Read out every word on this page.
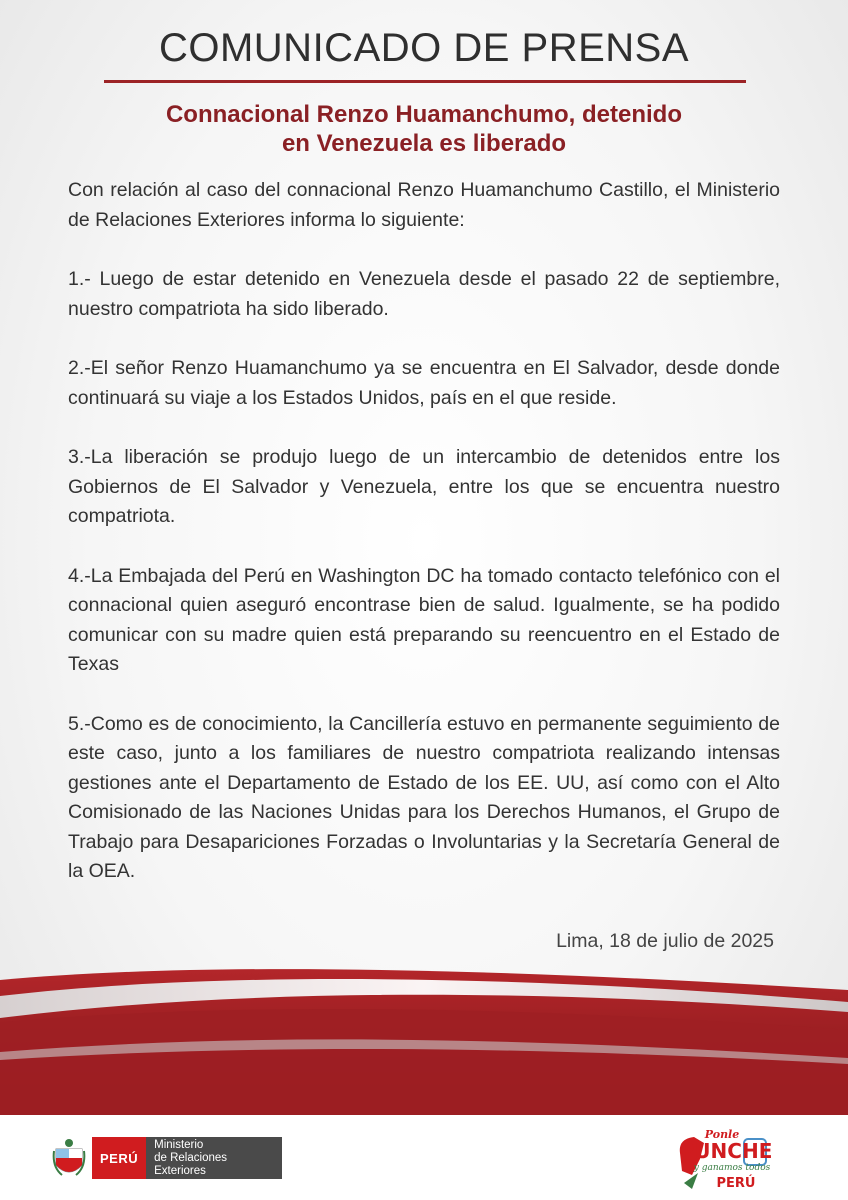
COMUNICADO DE PRENSA
Connacional Renzo Huamanchumo, detenido
en Venezuela es liberado

Con relación al caso del connacional Renzo Huamanchumo Castillo, el Ministerio de Relaciones Exteriores informa lo siguiente:

1.- Luego de estar detenido en Venezuela desde el pasado 22 de septiembre, nuestro compatriota ha sido liberado.

2.-El señor Renzo Huamanchumo ya se encuentra en El Salvador, desde donde continuará su viaje a los Estados Unidos, país en el que reside.

3.-La liberación se produjo luego de un intercambio de detenidos entre los Gobiernos de El Salvador y Venezuela, entre los que se encuentra nuestro compatriota.

4.-La Embajada del Perú en Washington DC ha tomado contacto telefónico con el connacional quien aseguró encontrase bien de salud. Igualmente, se ha podido comunicar con su madre quien está preparando su reencuentro en el Estado de Texas

5.-Como es de conocimiento, la Cancillería estuvo en permanente seguimiento de este caso, junto a los familiares de nuestro compatriota realizando intensas gestiones ante el Departamento de Estado de los EE. UU, así como con el Alto Comisionado de las Naciones Unidas para los Derechos Humanos, el Grupo de Trabajo para Desapariciones Forzadas o Involuntarias y la Secretaría General de la OEA.

Lima, 18 de julio de 2025
PERÚ
Ministerio
de Relaciones Exteriores
Ponle
PUNCHE
y ganamos todos
PERÚ
